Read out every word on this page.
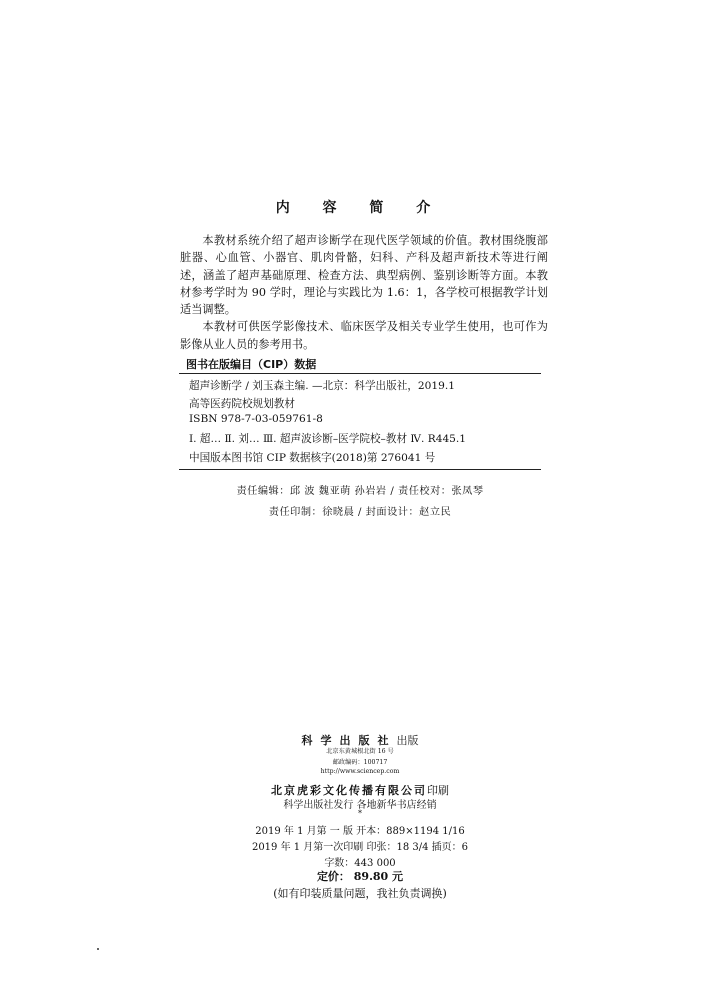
内 容 简 介

本教材系统介绍了超声诊断学在现代医学领域的价值。教材围绕腹部脏器、心血管、小器官、肌肉骨骼，妇科、产科及超声新技术等进行阐述，涵盖了超声基础原理、检查方法、典型病例、鉴别诊断等方面。本教材参考学时为 90 学时，理论与实践比为 1.6：1，各学校可根据教学计划适当调整。

本教材可供医学影像技术、临床医学及相关专业学生使用，也可作为影像从业人员的参考用书。

图书在版编目（CIP）数据
超声诊断学 / 刘玉森主编. —北京：科学出版社，2019.1
高等医药院校规划教材
ISBN 978-7-03-059761-8
Ⅰ. 超… Ⅱ. 刘… Ⅲ. 超声波诊断–医学院校–教材 Ⅳ. R445.1
中国版本图书馆 CIP 数据核字(2018)第 276041 号
责任编辑：邱 波 魏亚萌 孙岩岩 / 责任校对：张凤琴
责任印制：徐晓晨 / 封面设计：赵立民
科学出版社出版
北京东黄城根北街 16 号
邮政编码：100717
http://www.sciencep.com
北京虎彩文化传播有限公司印刷
科学出版社发行 各地新华书店经销
*
2019 年 1 月第 一 版 开本：889×1194 1/16
2019 年 1 月第一次印刷 印张：18 3/4 插页：6
字数：443 000
定价： 89.80 元
(如有印装质量问题，我社负责调换)
